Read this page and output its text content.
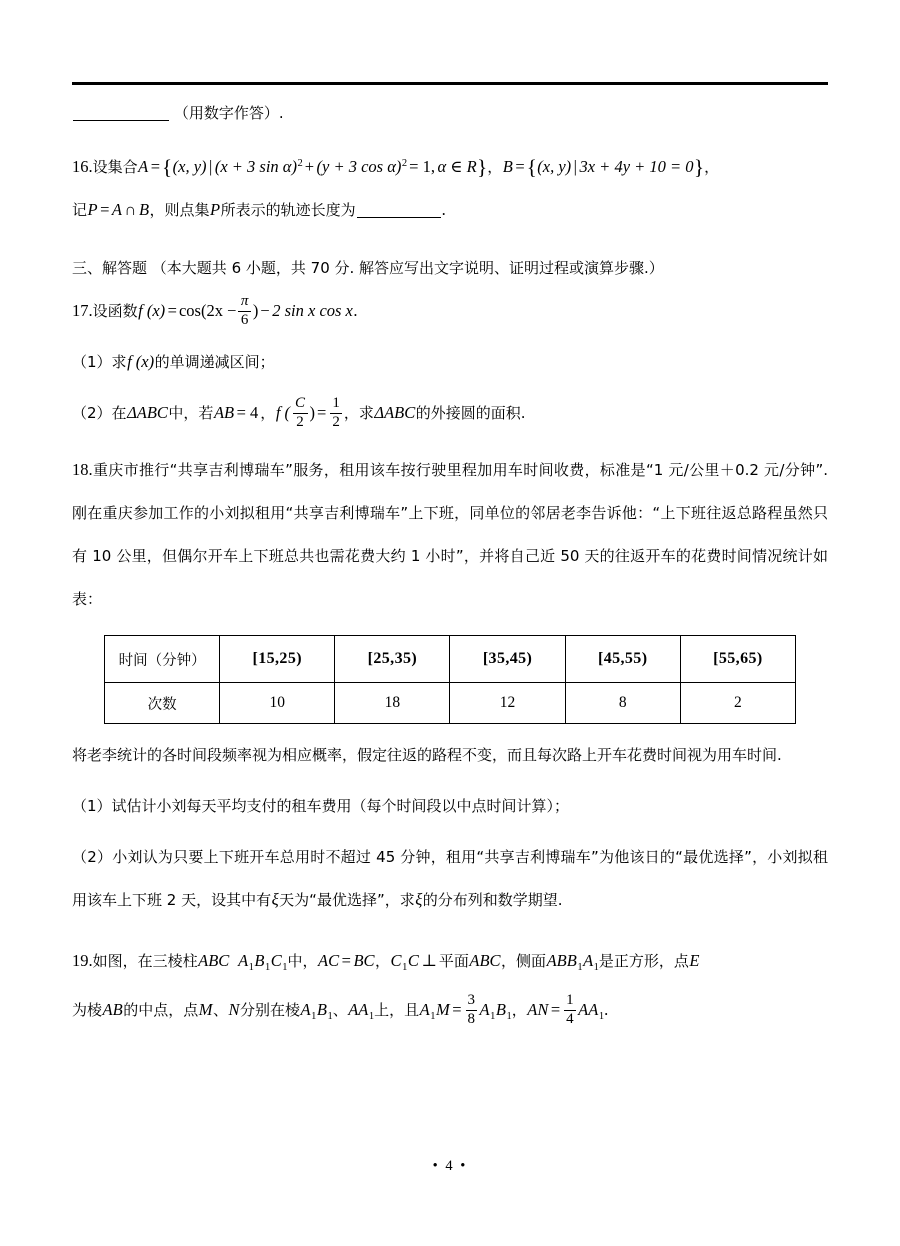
（用数字作答）.

16.设集合A ={(x, y) | (x + 3 sin α)$^2$ + (y + 3 cos α)$^2$ = 1, α ∈ R}，B ={(x, y) | 3x + 4y + 10 = 0}，

记P = A ∩ B，则点集P所表示的轨迹长度为	.

三、解答题 （本大题共 6 小题，共 70 分. 解答应写出文字说明、证明过程或演算步骤.）

17.设函数f $(x) = \cos(2x - \frac{\pi}{6}$ ) − 2 sin x cos x.

（1）求f (x)的单调递减区间；

（2）在ΔABC中，若AB = 4 ，f ( $\frac{C}{2}$ ) = $\frac{1}{2}$ ，求ΔABC的外接圆的面积.

18.重庆市推行“共享吉利博瑞车”服务，租用该车按行驶里程加用车时间收费，标准是“1 元/公里＋0.2 元/分钟”. 刚在重庆参加工作的小刘拟租用“共享吉利博瑞车”上下班，同单位的邻居老李告诉他：“上下班往返总路程虽然只有 10 公里，但偶尔开车上下班总共也需花费大约 1 小时”，并将自己近 50 天的往返开车的花费时间情况统计如表：

时间（分钟）	[15,25)	[25,35)	[35,45)	[45,55)	[55,65)
次数	10	18	12	8	2

将老李统计的各时间段频率视为相应概率，假定往返的路程不变，而且每次路上开车花费时间视为用车时间.

（1）试估计小刘每天平均支付的租车费用（每个时间段以中点时间计算）；

（2）小刘认为只要上下班开车总用时不超过 45 分钟，租用“共享吉利博瑞车”为他该日的“最优选择”，小刘拟租用该车上下班 2 天，设其中有ξ天为“最优选择”，求ξ的分布列和数学期望.

19.如图，在三棱柱ABC $A_1B_1C_1$中，AC = BC，$C_1C$ ⊥ 平面ABC，侧面$ABB_1A_1$是正方形，点E

为棱AB的中点，点M、N分别在棱$A_1B_1$、$AA_1$上，且$A_1M = \frac{3}{8} A_1B_1$，AN = $\frac{1}{4} AA_1$.

• 4 •
